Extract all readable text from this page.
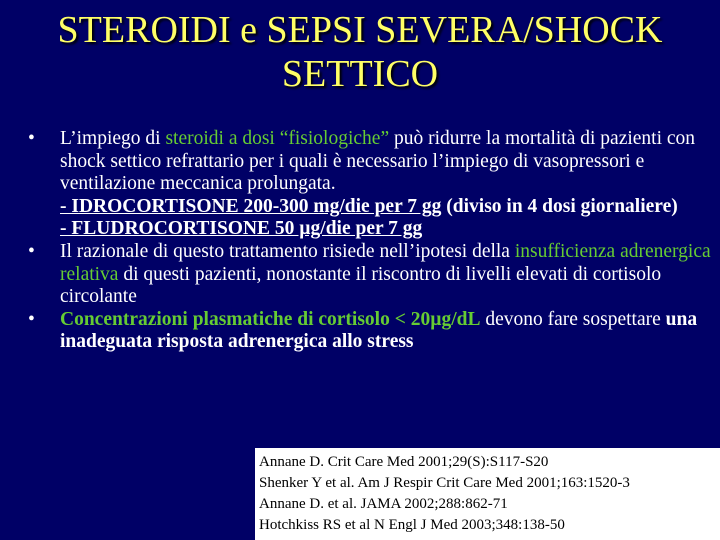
STEROIDI e SEPSI SEVERA/SHOCK
SETTICO
•	L’impiego di steroidi a dosi “fisiologiche” può ridurre la mortalità di pazienti con shock settico refrattario per i quali è necessario l’impiego di vasopressori e ventilazione meccanica prolungata.
- IDROCORTISONE 200-300 mg/die per 7 gg (diviso in 4 dosi giornaliere)
- FLUDROCORTISONE 50 µg/die per 7 gg
•	Il razionale di questo trattamento risiede nell’ipotesi della insufficienza adrenergica relativa di questi pazienti, nonostante il riscontro di livelli elevati di cortisolo circolante
•	Concentrazioni plasmatiche di cortisolo < 20µg/dL devono fare sospettare una inadeguata risposta adrenergica allo stress
Annane D. Crit Care Med 2001;29(S):S117-S20
Shenker Y et al. Am J Respir Crit Care Med 2001;163:1520-3
Annane D. et al. JAMA 2002;288:862-71
Hotchkiss RS et al N Engl J Med 2003;348:138-50
